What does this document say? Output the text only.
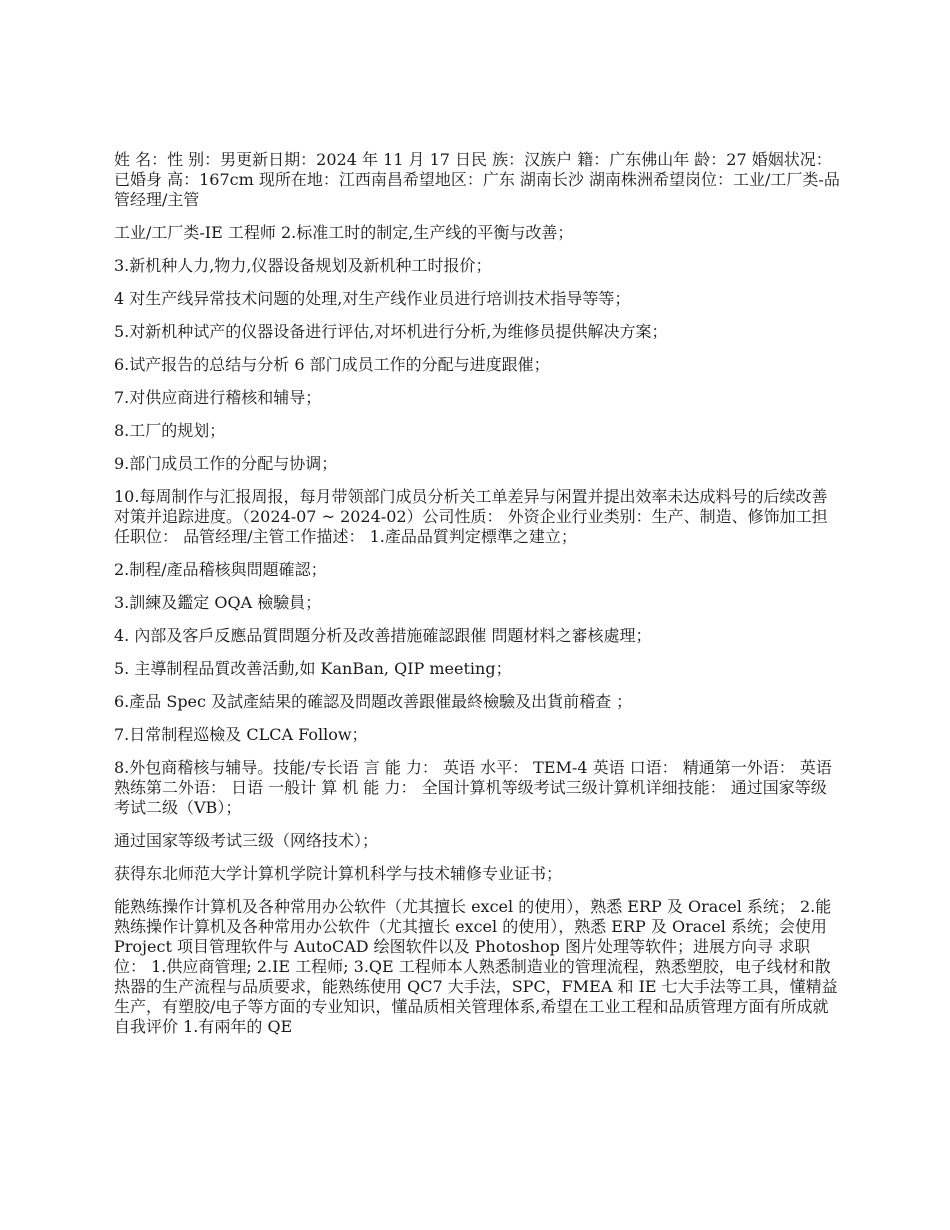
姓 名：性 别：男更新日期：2024 年 11 月 17 日民 族：汉族户 籍：广东佛山年 龄：27 婚姻状况：已婚身 高：167cm 现所在地：江西南昌希望地区：广东 湖南长沙 湖南株洲希望岗位：工业/工厂类-品管经理/主管

工业/工厂类-IE 工程师 2.标准工时的制定,生产线的平衡与改善；

3.新机种人力,物力,仪器设备规划及新机种工时报价；

4 对生产线异常技术问题的处理,对生产线作业员进行培训技术指导等等；

5.对新机种试产的仪器设备进行评估,对坏机进行分析,为维修员提供解决方案；

6.试产报告的总结与分析 6 部门成员工作的分配与进度跟催；

7.对供应商进行稽核和辅导；

8.工厂的规划；

9.部门成员工作的分配与协调；

10.每周制作与汇报周报，每月带领部门成员分析关工单差异与闲置并提出效率未达成料号的后续改善对策并追踪进度。（2024-07 ~ 2024-02）公司性质： 外资企业行业类别：生产、制造、修饰加工担任职位： 品管经理/主管工作描述： 1.產品品質判定標準之建立；

2.制程/產品稽核與問題確認；

3.訓練及鑑定 OQA 檢驗員；

4. 內部及客戶反應品質問題分析及改善措施確認跟催 問題材料之審核處理；

5. 主導制程品質改善活動,如 KanBan, QIP meeting；

6.產品 Spec 及試產結果的確認及問題改善跟催最終檢驗及出貨前稽查 ；

7.日常制程巡檢及 CLCA Follow；

8.外包商稽核与辅导。技能/专长语 言 能 力： 英语 水平： TEM-4 英语 口语： 精通第一外语： 英语 熟练第二外语： 日语 一般计 算 机 能 力： 全国计算机等级考试三级计算机详细技能： 通过国家等级考试二级（VB）；

通过国家等级考试三级（网络技术）；

获得东北师范大学计算机学院计算机科学与技术辅修专业证书；

能熟练操作计算机及各种常用办公软件（尤其擅长 excel 的使用），熟悉 ERP 及 Oracel 系统； 2.能熟练操作计算机及各种常用办公软件（尤其擅长 excel 的使用），熟悉 ERP 及 Oracel 系统；会使用 Project 项目管理软件与 AutoCAD 绘图软件以及 Photoshop 图片处理等软件；进展方向寻 求职 位： 1.供应商管理; 2.IE 工程师; 3.QE 工程师本人熟悉制造业的管理流程，熟悉塑胶，电子线材和散热器的生产流程与品质要求，能熟练使用 QC7 大手法，SPC，FMEA 和 IE 七大手法等工具，懂精益生产，有塑胶/电子等方面的专业知识，懂品质相关管理体系,希望在工业工程和品质管理方面有所成就 自我评价 1.有兩年的 QE
